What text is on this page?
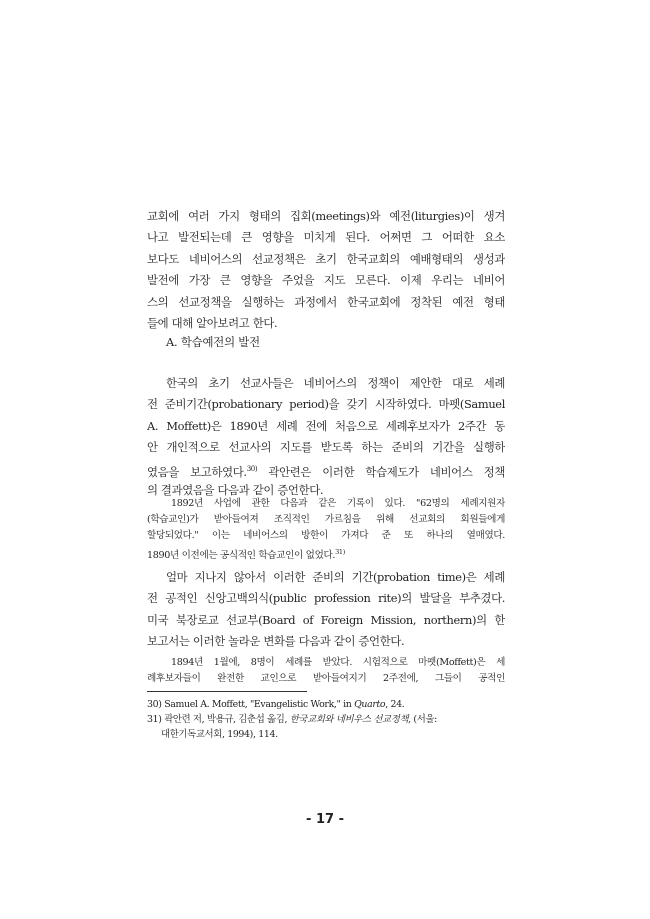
교회에 여러 가지 형태의 집회(meetings)와 예전(liturgies)이 생겨
나고 발전되는데 큰 영향을 미치게 된다. 어쩌면 그 어떠한 요소
보다도 네비어스의 선교정책은 초기 한국교회의 예배형태의 생성과
발전에 가장 큰 영향을 주었을 지도 모른다. 이제 우리는 네비어
스의 선교정책을 실행하는 과정에서 한국교회에 정착된 예전 형태
들에 대해 알아보려고 한다.
A. 학습예전의 발전
한국의 초기 선교사들은 네비어스의 정책이 제안한 대로 세례
전 준비기간(probationary period)을 갖기 시작하였다. 마펫(Samuel
A. Moffett)은 1890년 세례 전에 처음으로 세례후보자가 2주간 동
안 개인적으로 선교사의 지도를 받도록 하는 준비의 기간을 실행하
였음을 보고하였다.$^{30)}$ 곽안련은 이러한 학습제도가 네비어스 정책
의 결과였음을 다음과 같이 증언한다.
1892년 사업에 관한 다음과 같은 기록이 있다. "62명의 세례지원자
(학습교인)가 받아들여져 조직적인 가르침을 위해 선교회의 회원들에게
할당되었다." 이는 네비어스의 방한이 가져다 준 또 하나의 열매였다.
1890년 이전에는 공식적인 학습교인이 없었다.$^{31)}$
얼마 지나지 않아서 이러한 준비의 기간(probation time)은 세례
전 공적인 신앙고백의식(public profession rite)의 발달을 부추겼다.
미국 북장로교 선교부(Board of Foreign Mission, northern)의 한
보고서는 이러한 놀라운 변화를 다음과 같이 증언한다.
1894년 1월에, 8명이 세례를 받았다. 시험적으로 마펫(Moffett)은 세
례후보자들이 완전한 교인으로 받아들여지기 2주전에, 그들이 공적인
30) Samuel A. Moffett, "Evangelistic Work," in Quarto, 24.
31) 곽안련 저, 박용규, 김춘섭 옮김, 한국교회와 네비우스 선교정책, (서울:
대한기독교서회, 1994), 114.
- 17 -
